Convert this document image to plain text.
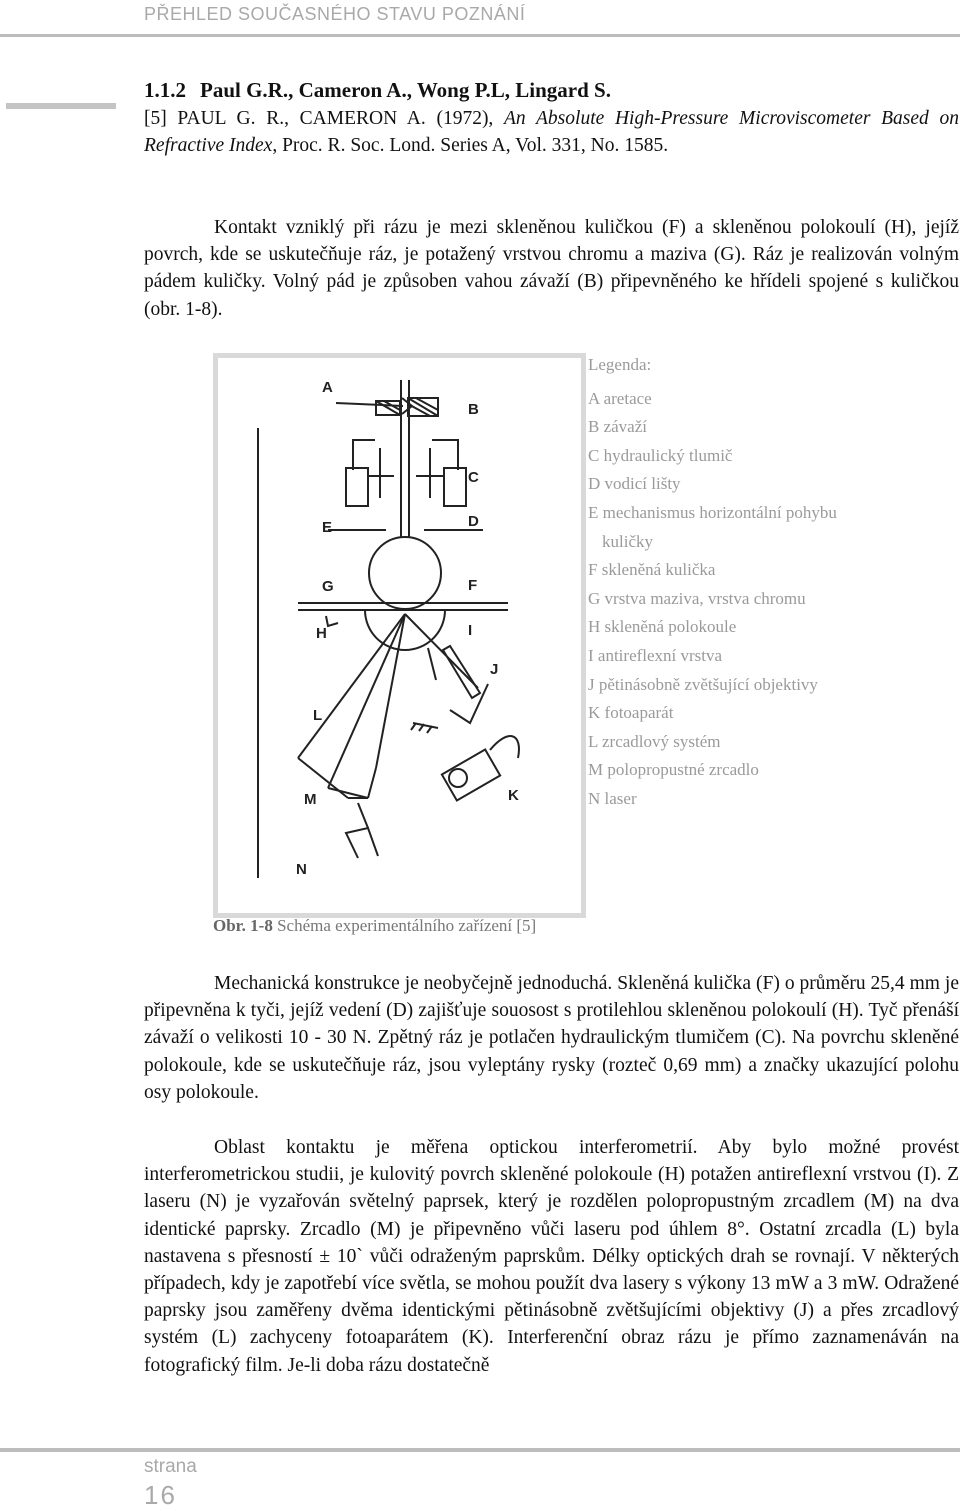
PŘEHLED SOUČASNÉHO STAVU POZNÁNÍ
1.1.2 Paul G.R., Cameron A., Wong P.L, Lingard S.

[5] PAUL G. R., CAMERON A. (1972), An Absolute High-Pressure Microviscometer Based on Refractive Index, Proc. R. Soc. Lond. Series A, Vol. 331, No. 1585.

Kontakt vzniklý při rázu je mezi skleněnou kuličkou (F) a skleněnou polokoulí (H), jejíž povrch, kde se uskutečňuje ráz, je potažený vrstvou chromu a maziva (G). Ráz je realizován volným pádem kuličky. Volný pád je způsoben vahou závaží (B) připevněného ke hřídeli spojené s kuličkou (obr. 1-8).

A
B
C
D
E
F
G
I
H
J
K
L
M
N
Legenda:
A aretace
B závaží
C hydraulický tlumič
D vodicí lišty
E mechanismus horizontální pohybu
kuličky
F skleněná kulička
G vrstva maziva, vrstva chromu
H skleněná polokoule
I antireflexní vrstva
J pětinásobně zvětšující objektivy
K fotoaparát
L zrcadlový systém
M polopropustné zrcadlo
N laser
Obr. 1-8 Schéma experimentálního zařízení [5]

Mechanická konstrukce je neobyčejně jednoduchá. Skleněná kulička (F) o průměru 25,4 mm je připevněna k tyči, jejíž vedení (D) zajišťuje souosost s protilehlou skleněnou polokoulí (H). Tyč přenáší závaží o velikosti 10 - 30 N. Zpětný ráz je potlačen hydraulickým tlumičem (C). Na povrchu skleněné polokoule, kde se uskutečňuje ráz, jsou vyleptány rysky (rozteč 0,69 mm) a značky ukazující polohu osy polokoule.

Oblast kontaktu je měřena optickou interferometrií. Aby bylo možné provést interferometrickou studii, je kulovitý povrch skleněné polokoule (H) potažen antireflexní vrstvou (I). Z laseru (N) je vyzařován světelný paprsek, který je rozdělen polopropustným zrcadlem (M) na dva identické paprsky. Zrcadlo (M) je připevněno vůči laseru pod úhlem 8°. Ostatní zrcadla (L) byla nastavena s přesností ± 10` vůči odraženým paprskům. Délky optických drah se rovnají. V některých případech, kdy je zapotřebí více světla, se mohou použít dva lasery s výkony 13 mW a 3 mW. Odražené paprsky jsou zaměřeny dvěma identickými pětinásobně zvětšujícími objektivy (J) a přes zrcadlový systém (L) zachyceny fotoaparátem (K). Interferenční obraz rázu je přímo zaznamenáván na fotografický film. Je-li doba rázu dostatečně

strana
16
